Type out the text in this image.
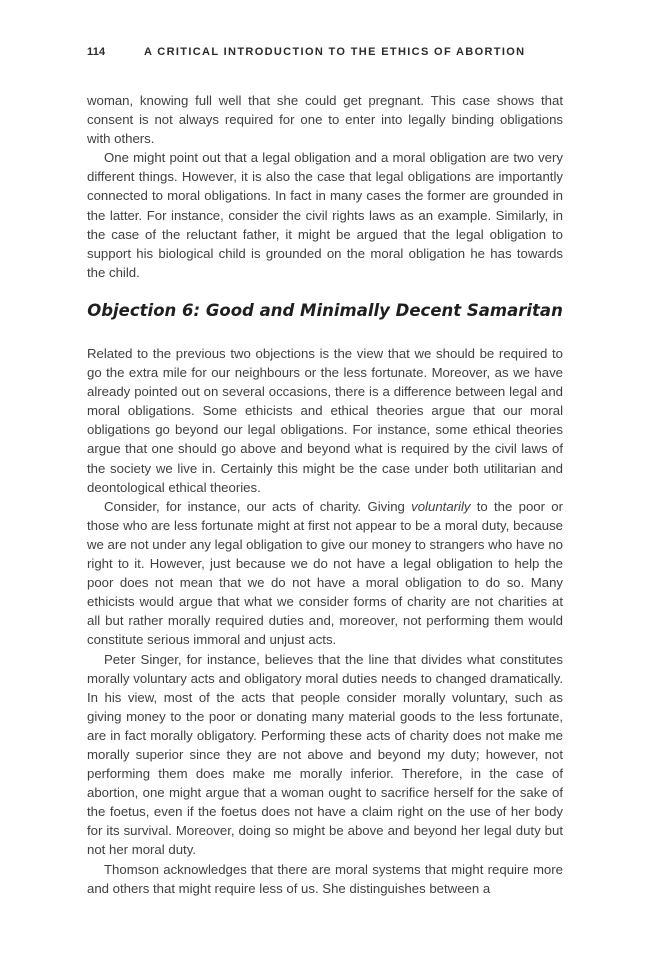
114	A CRITICAL INTRODUCTION TO THE ETHICS OF ABORTION

woman, knowing full well that she could get pregnant. This case shows that consent is not always required for one to enter into legally binding obligations with others.

One might point out that a legal obligation and a moral obligation are two very different things. However, it is also the case that legal obligations are importantly connected to moral obligations. In fact in many cases the former are grounded in the latter. For instance, consider the civil rights laws as an example. Similarly, in the case of the reluctant father, it might be argued that the legal obligation to support his biological child is grounded on the moral obligation he has towards the child.

Objection 6: Good and Minimally Decent Samaritan

Related to the previous two objections is the view that we should be required to go the extra mile for our neighbours or the less fortunate. Moreover, as we have already pointed out on several occasions, there is a difference between legal and moral obligations. Some ethicists and ethical theories argue that our moral obligations go beyond our legal obligations. For instance, some ethical theories argue that one should go above and beyond what is required by the civil laws of the society we live in. Certainly this might be the case under both utilitarian and deontological ethical theories.

Consider, for instance, our acts of charity. Giving voluntarily to the poor or those who are less fortunate might at first not appear to be a moral duty, because we are not under any legal obligation to give our money to strangers who have no right to it. However, just because we do not have a legal obligation to help the poor does not mean that we do not have a moral obligation to do so. Many ethicists would argue that what we consider forms of charity are not charities at all but rather morally required duties and, moreover, not performing them would constitute serious immoral and unjust acts.

Peter Singer, for instance, believes that the line that divides what constitutes morally voluntary acts and obligatory moral duties needs to changed dramatically. In his view, most of the acts that people consider morally voluntary, such as giving money to the poor or donating many material goods to the less fortunate, are in fact morally obligatory. Performing these acts of charity does not make me morally superior since they are not above and beyond my duty; however, not performing them does make me morally inferior. Therefore, in the case of abortion, one might argue that a woman ought to sacrifice herself for the sake of the foetus, even if the foetus does not have a claim right on the use of her body for its survival. Moreover, doing so might be above and beyond her legal duty but not her moral duty.

Thomson acknowledges that there are moral systems that might require more and others that might require less of us. She distinguishes between a
